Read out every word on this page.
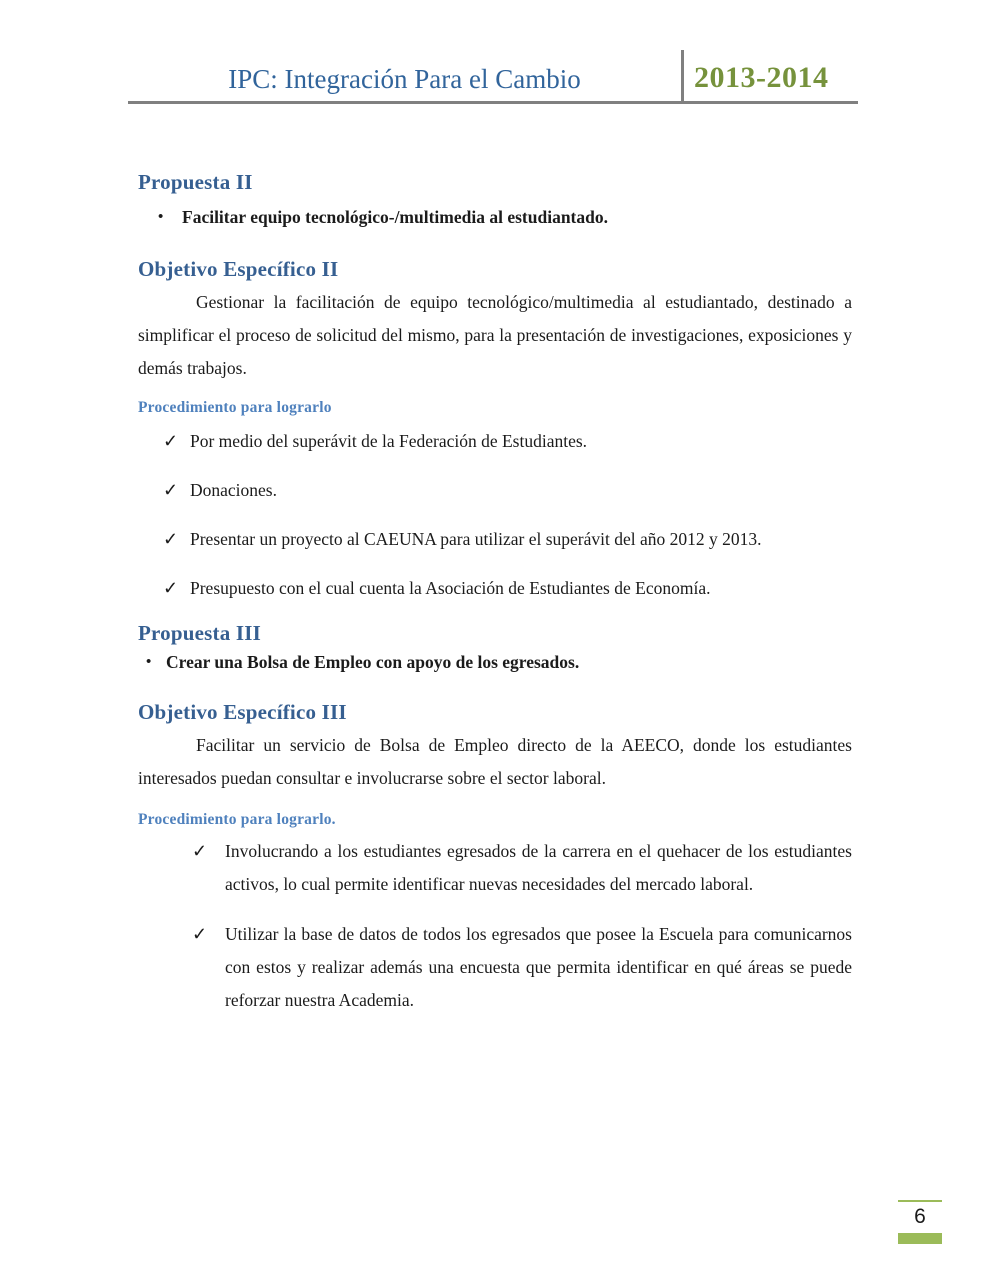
IPC: Integración Para el Cambio	2013-2014
Propuesta II
•	Facilitar equipo tecnológico-/multimedia al estudiantado.
Objetivo Específico II

Gestionar la facilitación de equipo tecnológico/multimedia al estudiantado, destinado a simplificar el proceso de solicitud del mismo, para la presentación de investigaciones, exposiciones y demás trabajos.

Procedimiento para lograrlo
✓ Por medio del superávit de la Federación de Estudiantes.
✓ Donaciones.
✓ Presentar un proyecto al CAEUNA para utilizar el superávit del año 2012 y 2013.
✓ Presupuesto con el cual cuenta la Asociación de Estudiantes de Economía.
Propuesta III
• Crear una Bolsa de Empleo con apoyo de los egresados.
Objetivo Específico III

Facilitar un servicio de Bolsa de Empleo directo de la AEECO, donde los estudiantes interesados puedan consultar e involucrarse sobre el sector laboral.

Procedimiento para lograrlo.
✓	Involucrando a los estudiantes egresados de la carrera en el quehacer de los estudiantes activos, lo cual permite identificar nuevas necesidades del mercado laboral.
✓	Utilizar la base de datos de todos los egresados que posee la Escuela para comunicarnos con estos y realizar además una encuesta que permita identificar en qué áreas se puede reforzar nuestra Academia.
6
